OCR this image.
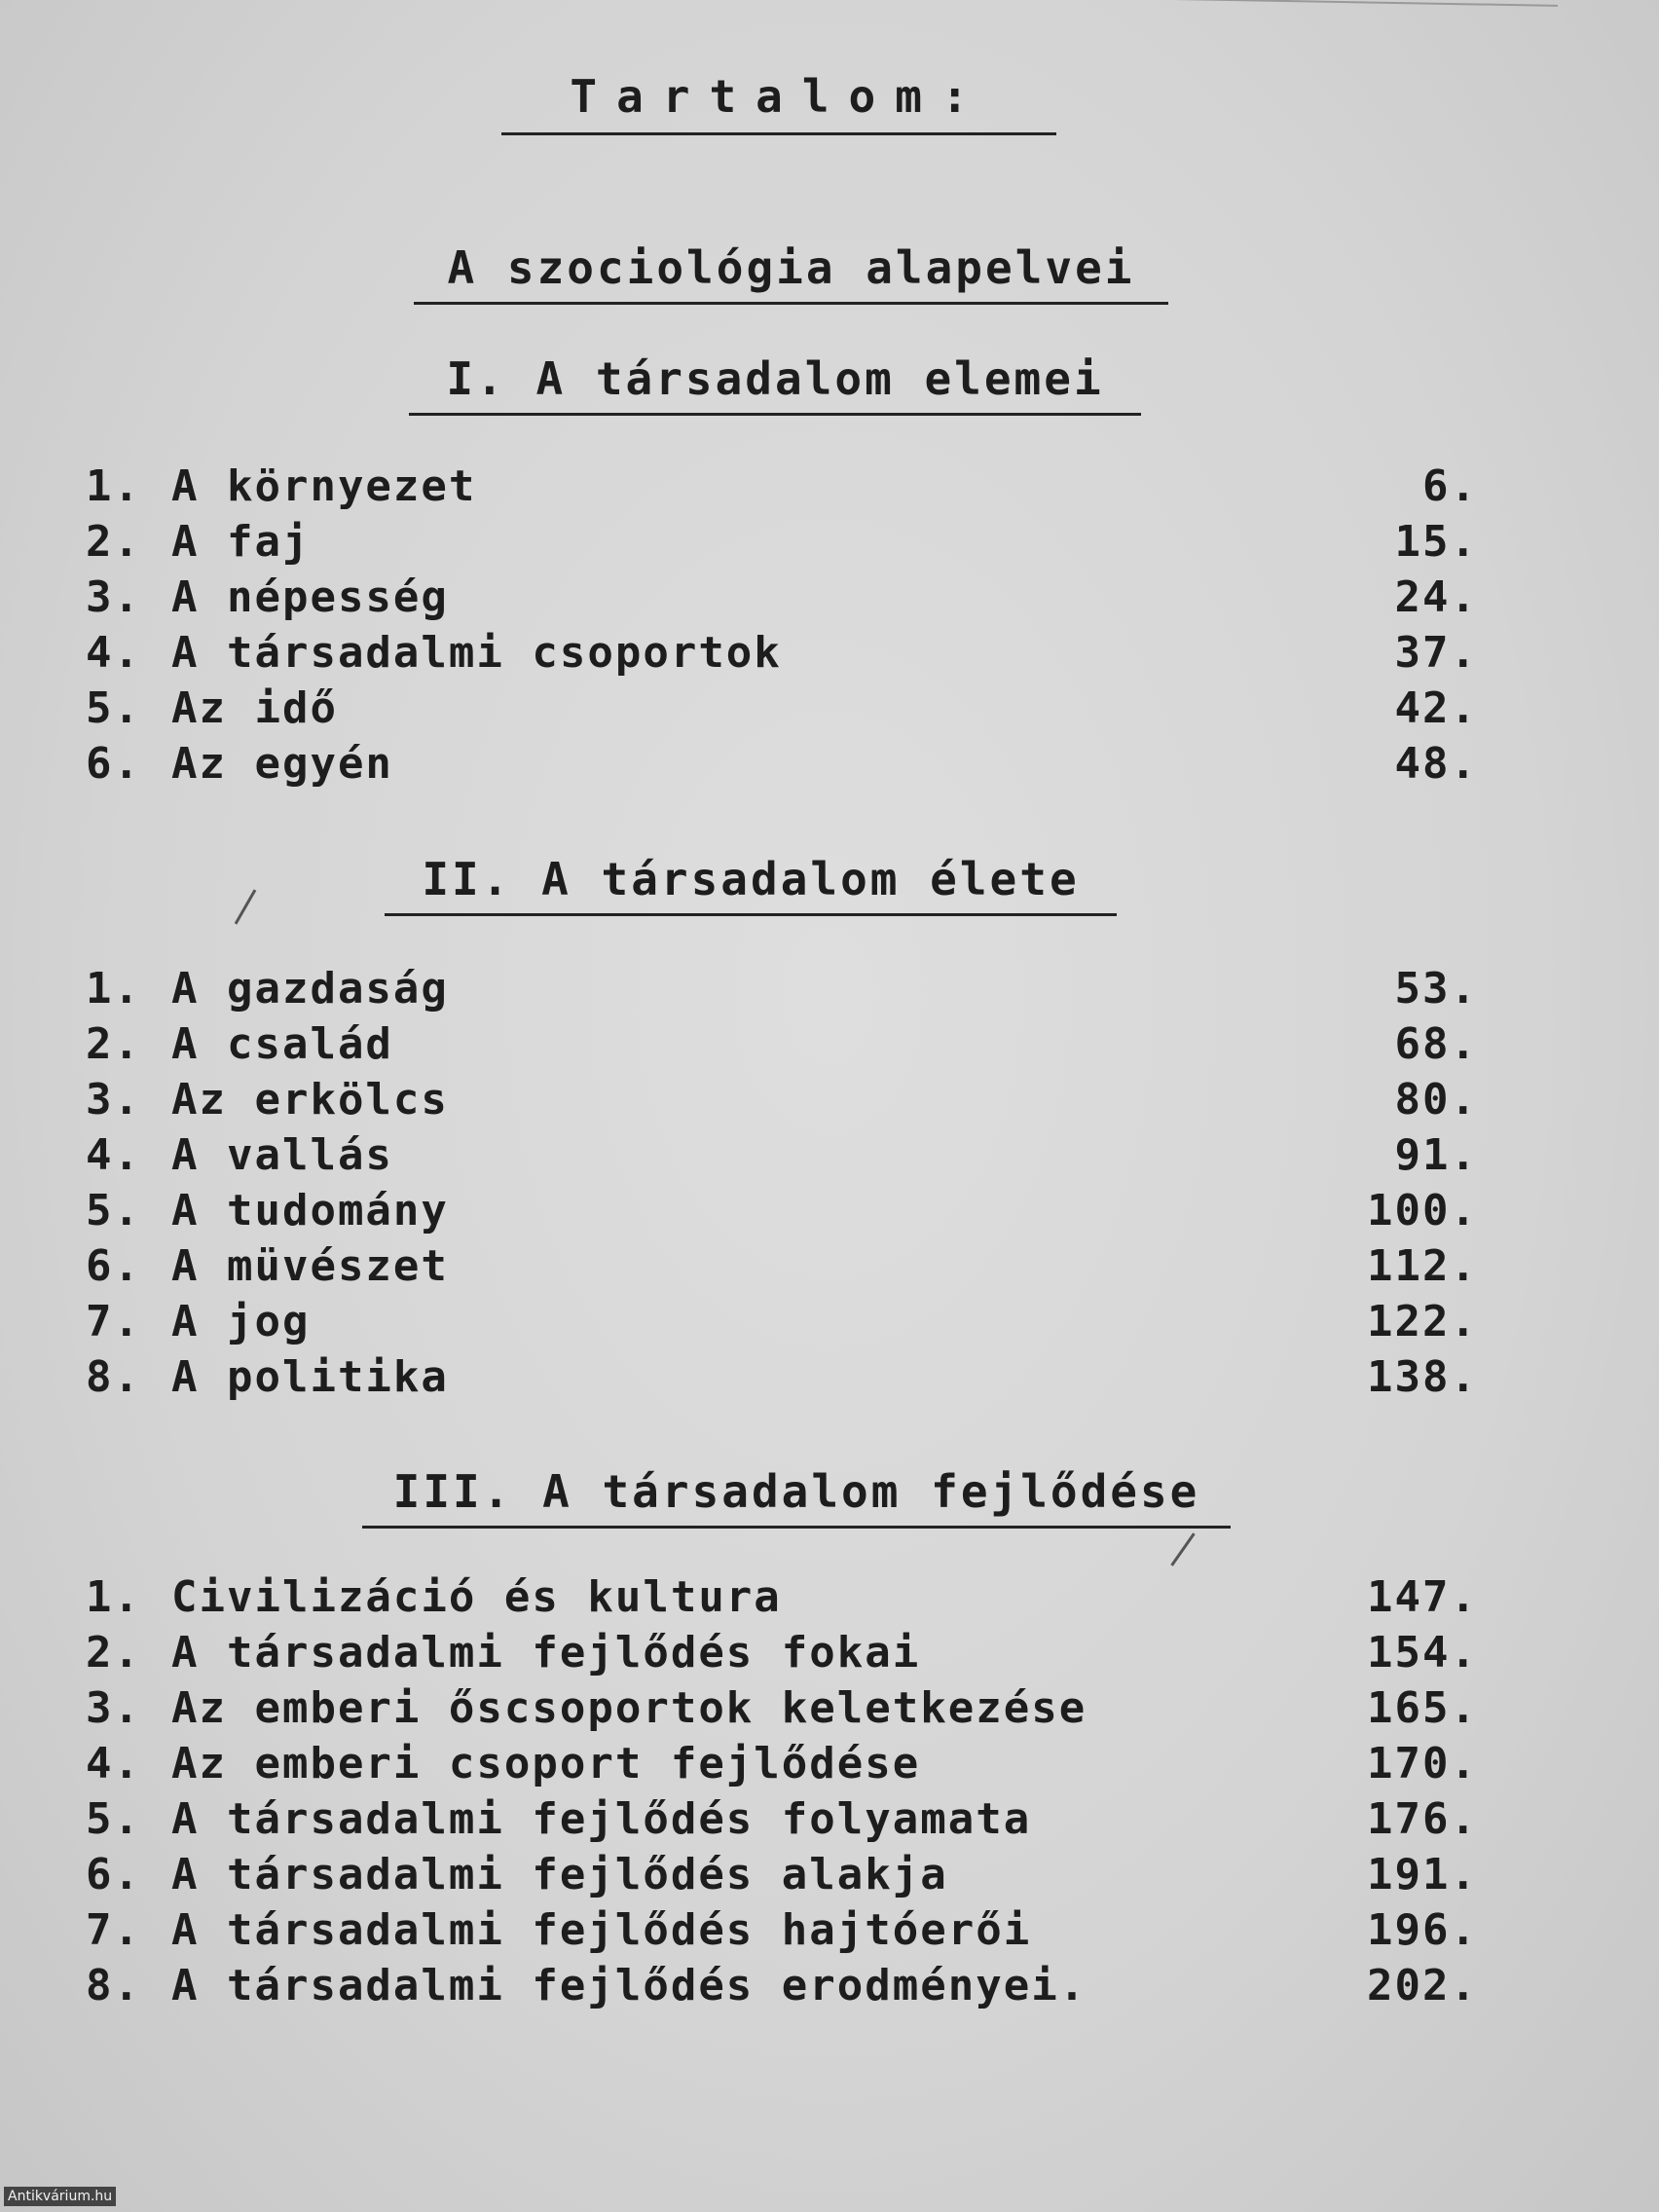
Tartalom:
A szociológia alapelvei
I. A társadalom elemei
1. A környezet	6.
2. A faj	15.
3. A népesség	24.
4. A társadalmi csoportok	37.
5. Az idő	42.
6. Az egyén	48.
II. A társadalom élete
1. A gazdaság	53.
2. A család	68.
3. Az erkölcs	80.
4. A vallás	91.
5. A tudomány	100.
6. A müvészet	112.
7. A jog	122.
8. A politika	138.
III. A társadalom fejlődése
1. Civilizáció és kultura	147.
2. A társadalmi fejlődés fokai	154.
3. Az emberi őscsoportok keletkezése	165.
4. Az emberi csoport fejlődése	170.
5. A társadalmi fejlődés folyamata	176.
6. A társadalmi fejlődés alakja	191.
7. A társadalmi fejlődés hajtóerői	196.
8. A társadalmi fejlődés erodményei.	202.
Antikvárium.hu
